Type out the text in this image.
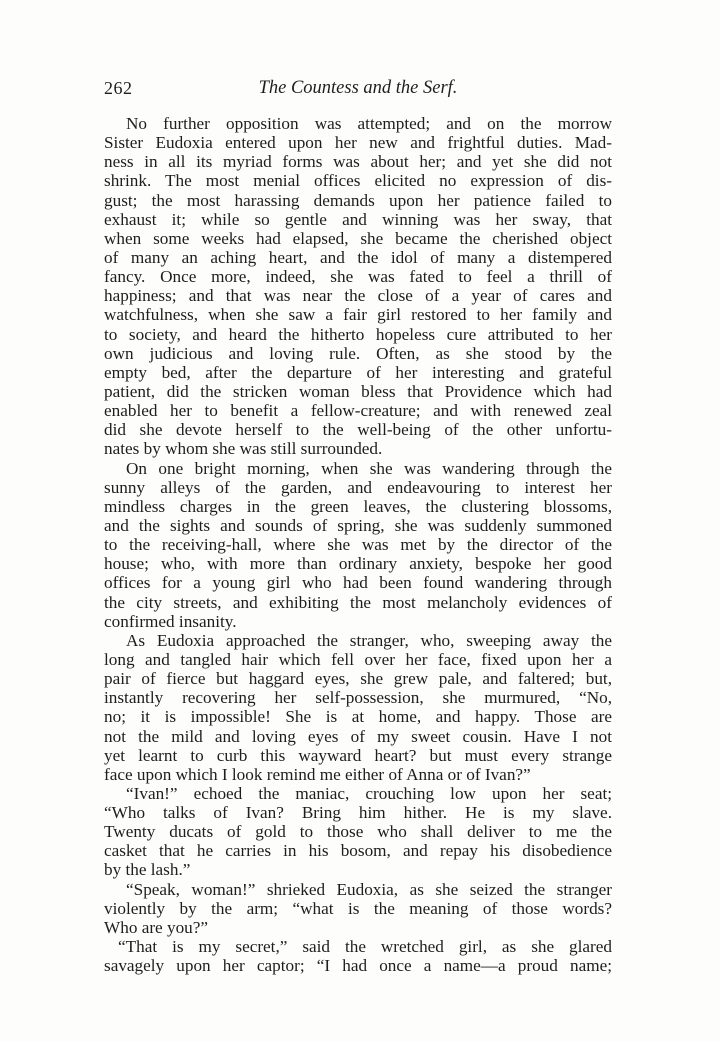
262	The Countess and the Serf.
No further opposition was attempted; and on the morrow
Sister Eudoxia entered upon her new and frightful duties. Mad-
ness in all its myriad forms was about her; and yet she did not
shrink. The most menial offices elicited no expression of dis-
gust; the most harassing demands upon her patience failed to
exhaust it; while so gentle and winning was her sway, that
when some weeks had elapsed, she became the cherished object
of many an aching heart, and the idol of many a distempered
fancy. Once more, indeed, she was fated to feel a thrill of
happiness; and that was near the close of a year of cares and
watchfulness, when she saw a fair girl restored to her family and
to society, and heard the hitherto hopeless cure attributed to her
own judicious and loving rule. Often, as she stood by the
empty bed, after the departure of her interesting and grateful
patient, did the stricken woman bless that Providence which had
enabled her to benefit a fellow-creature; and with renewed zeal
did she devote herself to the well-being of the other unfortu-
nates by whom she was still surrounded.
On one bright morning, when she was wandering through the
sunny alleys of the garden, and endeavouring to interest her
mindless charges in the green leaves, the clustering blossoms,
and the sights and sounds of spring, she was suddenly summoned
to the receiving-hall, where she was met by the director of the
house; who, with more than ordinary anxiety, bespoke her good
offices for a young girl who had been found wandering through
the city streets, and exhibiting the most melancholy evidences of
confirmed insanity.
As Eudoxia approached the stranger, who, sweeping away the
long and tangled hair which fell over her face, fixed upon her a
pair of fierce but haggard eyes, she grew pale, and faltered; but,
instantly recovering her self-possession, she murmured, “No,
no; it is impossible! She is at home, and happy. Those are
not the mild and loving eyes of my sweet cousin. Have I not
yet learnt to curb this wayward heart? but must every strange
face upon which I look remind me either of Anna or of Ivan?”
“Ivan!” echoed the maniac, crouching low upon her seat;
“Who talks of Ivan? Bring him hither. He is my slave.
Twenty ducats of gold to those who shall deliver to me the
casket that he carries in his bosom, and repay his disobedience
by the lash.”
“Speak, woman!” shrieked Eudoxia, as she seized the stranger
violently by the arm; “what is the meaning of those words?
Who are you?”
“That is my secret,” said the wretched girl, as she glared
savagely upon her captor; “I had once a name—a proud name;
